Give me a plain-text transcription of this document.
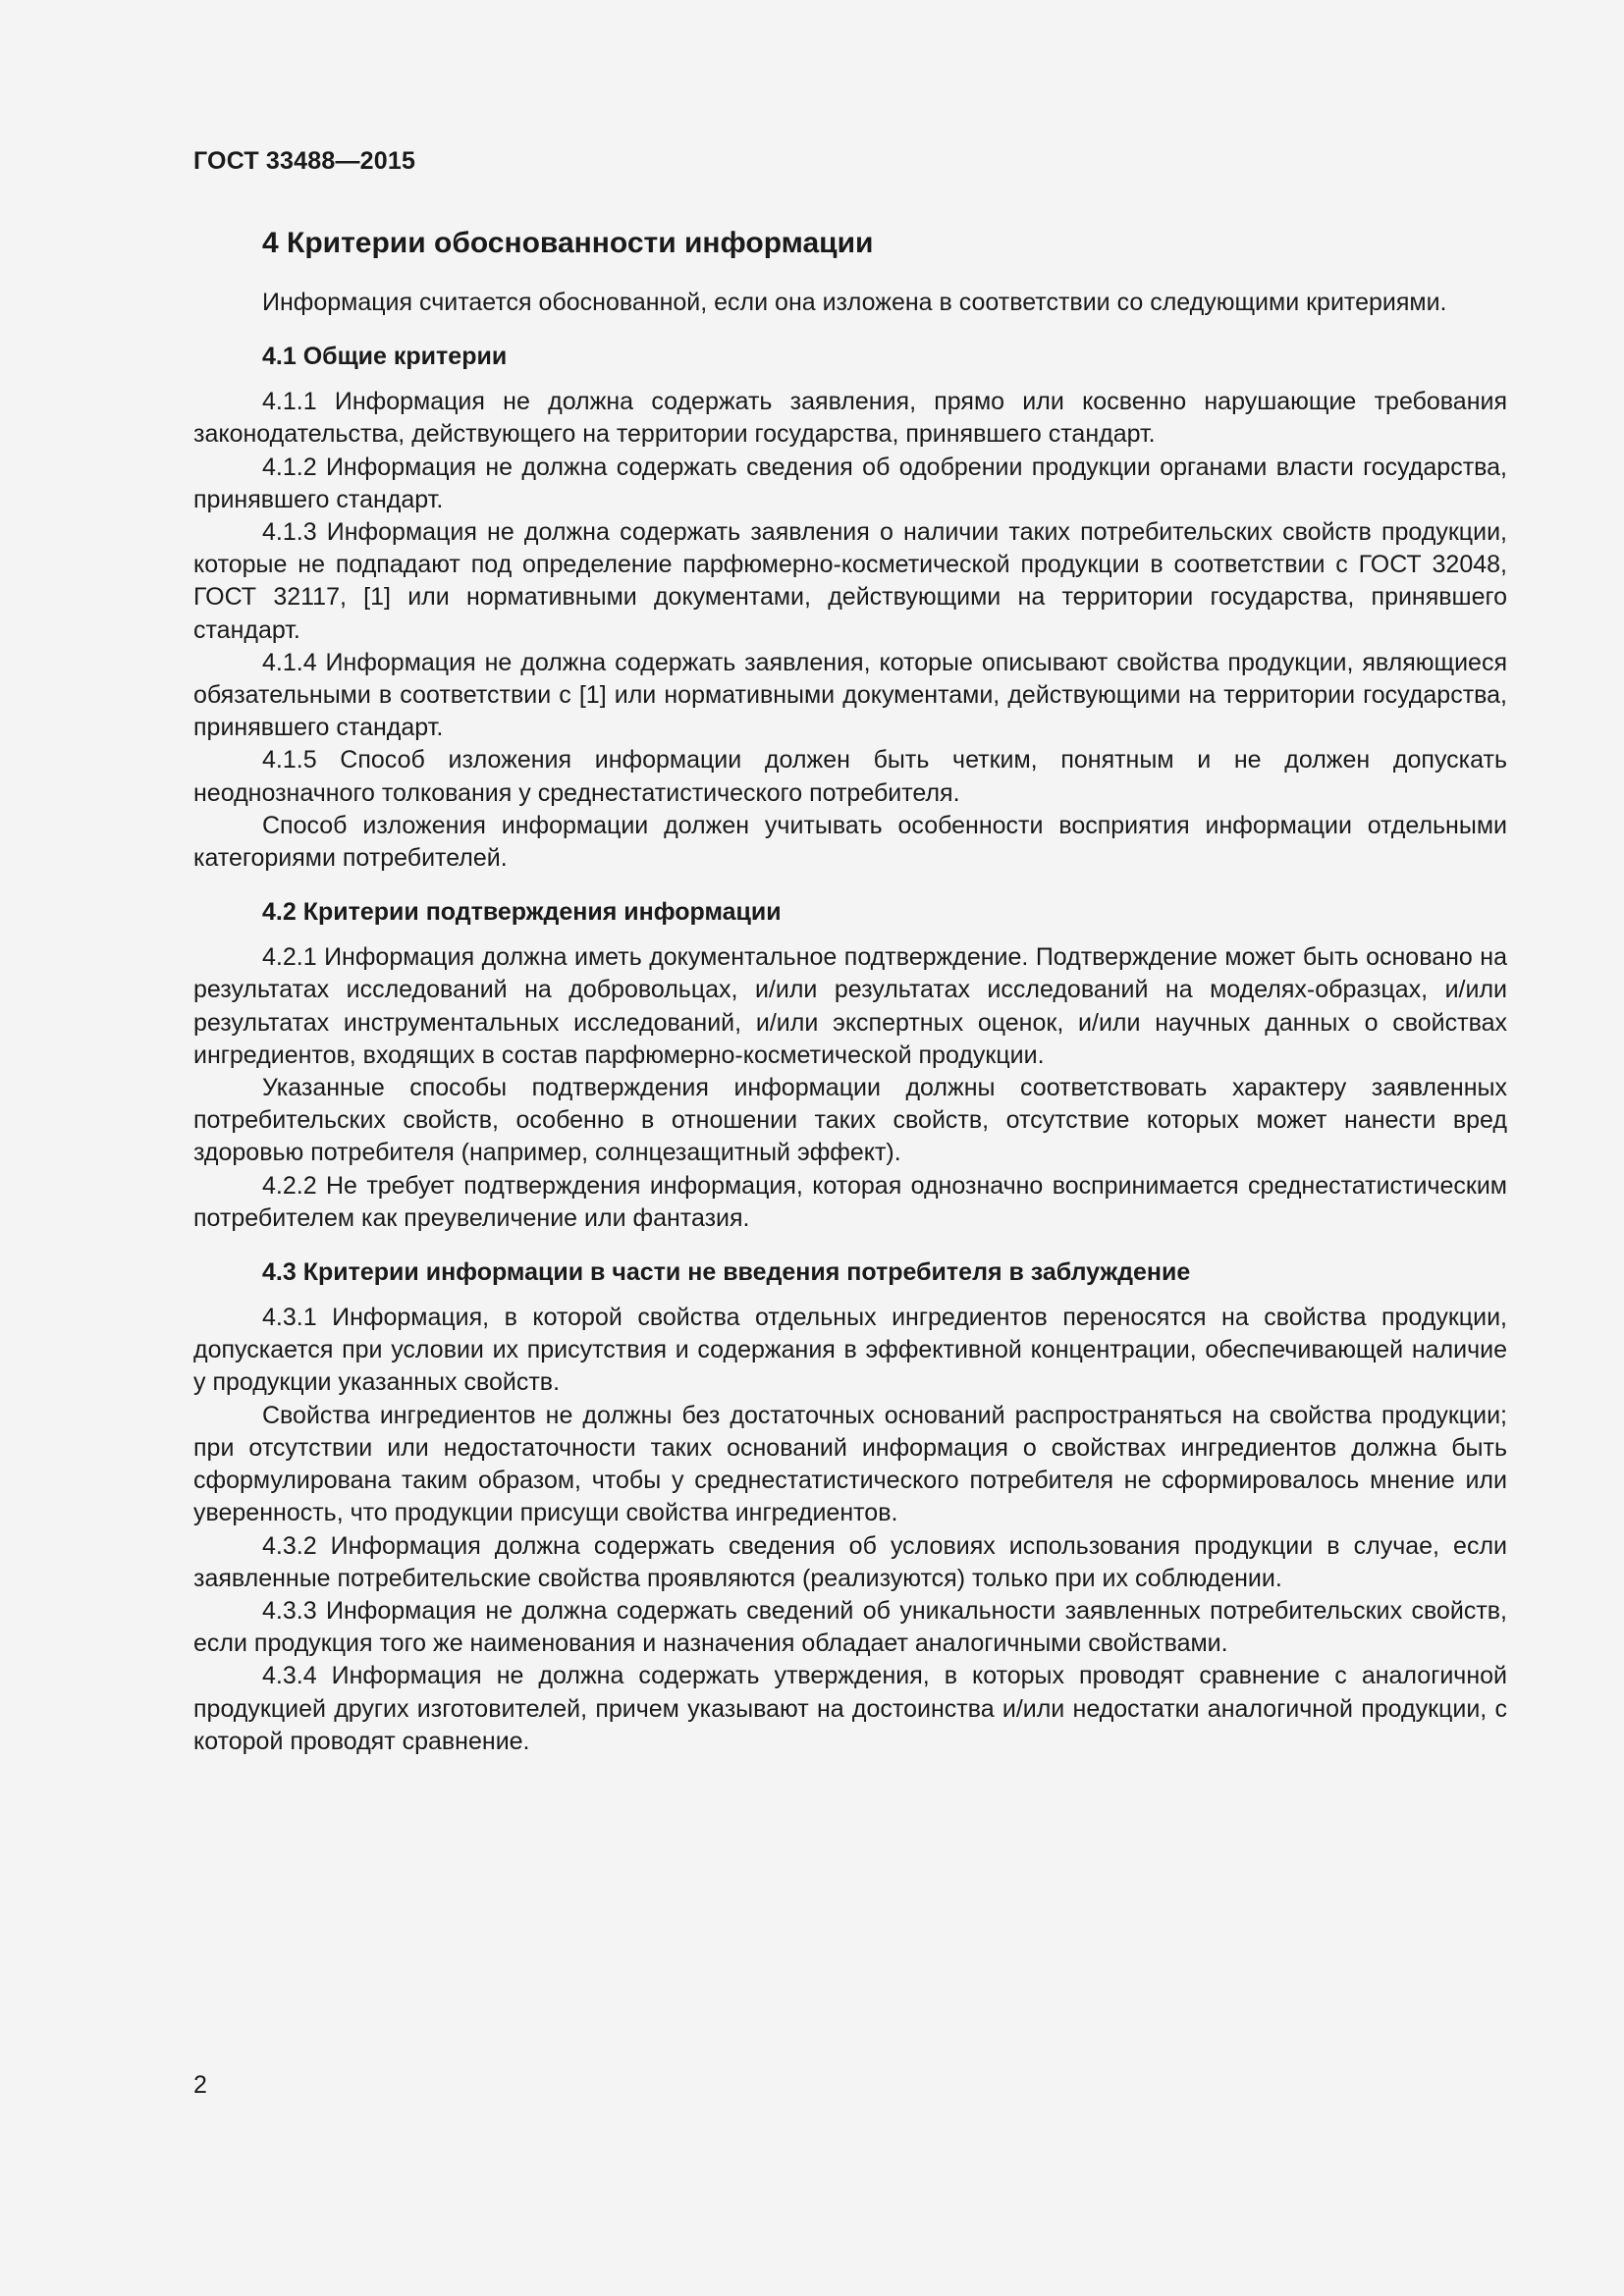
ГОСТ 33488—2015
4 Критерии обоснованности информации

Информация считается обоснованной, если она изложена в соответствии со следующими критериями.

4.1 Общие критерии

4.1.1 Информация не должна содержать заявления, прямо или косвенно нарушающие требования законодательства, действующего на территории государства, принявшего стандарт.

4.1.2 Информация не должна содержать сведения об одобрении продукции органами власти государства, принявшего стандарт.

4.1.3 Информация не должна содержать заявления о наличии таких потребительских свойств продукции, которые не подпадают под определение парфюмерно-косметической продукции в соответствии с ГОСТ 32048, ГОСТ 32117, [1] или нормативными документами, действующими на территории государства, принявшего стандарт.

4.1.4 Информация не должна содержать заявления, которые описывают свойства продукции, являющиеся обязательными в соответствии с [1] или нормативными документами, действующими на территории государства, принявшего стандарт.

4.1.5 Способ изложения информации должен быть четким, понятным и не должен допускать неоднозначного толкования у среднестатистического потребителя.

Способ изложения информации должен учитывать особенности восприятия информации отдельными категориями потребителей.

4.2 Критерии подтверждения информации

4.2.1 Информация должна иметь документальное подтверждение. Подтверждение может быть основано на результатах исследований на добровольцах, и/или результатах исследований на моделях-образцах, и/или результатах инструментальных исследований, и/или экспертных оценок, и/или научных данных о свойствах ингредиентов, входящих в состав парфюмерно-косметической продукции.

Указанные способы подтверждения информации должны соответствовать характеру заявленных потребительских свойств, особенно в отношении таких свойств, отсутствие которых может нанести вред здоровью потребителя (например, солнцезащитный эффект).

4.2.2 Не требует подтверждения информация, которая однозначно воспринимается среднестатистическим потребителем как преувеличение или фантазия.

4.3 Критерии информации в части не введения потребителя в заблуждение

4.3.1 Информация, в которой свойства отдельных ингредиентов переносятся на свойства продукции, допускается при условии их присутствия и содержания в эффективной концентрации, обеспечивающей наличие у продукции указанных свойств.

Свойства ингредиентов не должны без достаточных оснований распространяться на свойства продукции; при отсутствии или недостаточности таких оснований информация о свойствах ингредиентов должна быть сформулирована таким образом, чтобы у среднестатистического потребителя не сформировалось мнение или уверенность, что продукции присущи свойства ингредиентов.

4.3.2 Информация должна содержать сведения об условиях использования продукции в случае, если заявленные потребительские свойства проявляются (реализуются) только при их соблюдении.

4.3.3 Информация не должна содержать сведений об уникальности заявленных потребительских свойств, если продукция того же наименования и назначения обладает аналогичными свойствами.

4.3.4 Информация не должна содержать утверждения, в которых проводят сравнение с аналогичной продукцией других изготовителей, причем указывают на достоинства и/или недостатки аналогичной продукции, с которой проводят сравнение.

2
